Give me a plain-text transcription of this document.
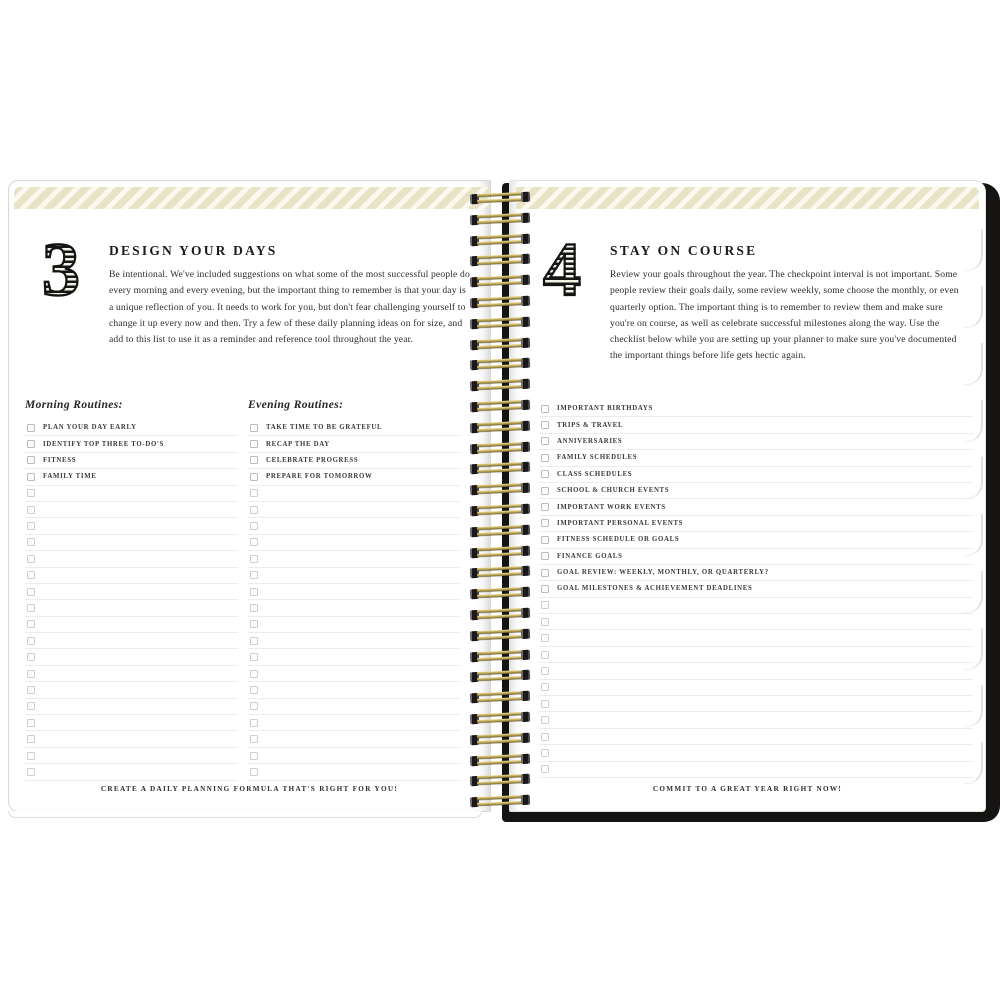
3	DESIGN YOUR DAYS

Be intentional. We've included suggestions on what some of the most successful people do every morning and every evening, but the important thing to remember is that your day is a unique reflection of you. It needs to work for you, but don't fear challenging yourself to change it up every now and then. Try a few of these daily planning ideas on for size, and add to this list to use it as a reminder and reference tool throughout the year.

Morning Routines:
PLAN YOUR DAY EARLY
IDENTIFY TOP THREE TO-DO'S
FITNESS
FAMILY TIME
Evening Routines:
TAKE TIME TO BE GRATEFUL
RECAP THE DAY
CELEBRATE PROGRESS
PREPARE FOR TOMORROW
CREATE A DAILY PLANNING FORMULA THAT'S RIGHT FOR YOU!
4	STAY ON COURSE

Review your goals throughout the year. The checkpoint interval is not important. Some people review their goals daily, some review weekly, some choose the monthly, or even quarterly option. The important thing is to remember to review them and make sure you're on course, as well as celebrate successful milestones along the way. Use the checklist below while you are setting up your planner to make sure you've documented the important things before life gets hectic again.

IMPORTANT BIRTHDAYS
TRIPS & TRAVEL
ANNIVERSARIES
FAMILY SCHEDULES
CLASS SCHEDULES
SCHOOL & CHURCH EVENTS
IMPORTANT WORK EVENTS
IMPORTANT PERSONAL EVENTS
FITNESS SCHEDULE OR GOALS
FINANCE GOALS
GOAL REVIEW: WEEKLY, MONTHLY, OR QUARTERLY?
GOAL MILESTONES & ACHIEVEMENT DEADLINES
COMMIT TO A GREAT YEAR RIGHT NOW!
